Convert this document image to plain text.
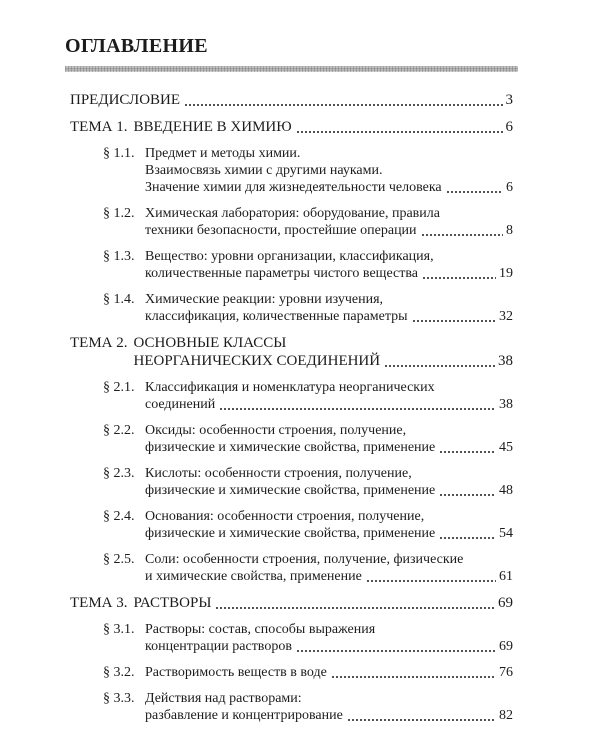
ОГЛАВЛЕНИЕ
ПРЕДИСЛОВИЕ	3
ТЕМА 1. ВВЕДЕНИЕ В ХИМИЮ	6
§ 1.1. Предмет и методы химии.
Взаимосвязь химии с другими науками.
Значение химии для жизнедеятельности человека	6
§ 1.2. Химическая лаборатория: оборудование, правила
техники безопасности, простейшие операции	8
§ 1.3. Вещество: уровни организации, классификация,
количественные параметры чистого вещества	19
§ 1.4. Химические реакции: уровни изучения,
классификация, количественные параметры	32
ТЕМА 2. ОСНОВНЫЕ КЛАССЫ
НЕОРГАНИЧЕСКИХ СОЕДИНЕНИЙ	38
§ 2.1. Классификация и номенклатура неорганических
соединений	38
§ 2.2. Оксиды: особенности строения, получение,
физические и химические свойства, применение	45
§ 2.3. Кислоты: особенности строения, получение,
физические и химические свойства, применение	48
§ 2.4. Основания: особенности строения, получение,
физические и химические свойства, применение	54
§ 2.5. Соли: особенности строения, получение, физические
и химические свойства, применение	61
ТЕМА 3. РАСТВОРЫ	69
§ 3.1. Растворы: состав, способы выражения
концентрации растворов	69
§ 3.2. Растворимость веществ в воде	76
§ 3.3. Действия над растворами:
разбавление и концентрирование	82
